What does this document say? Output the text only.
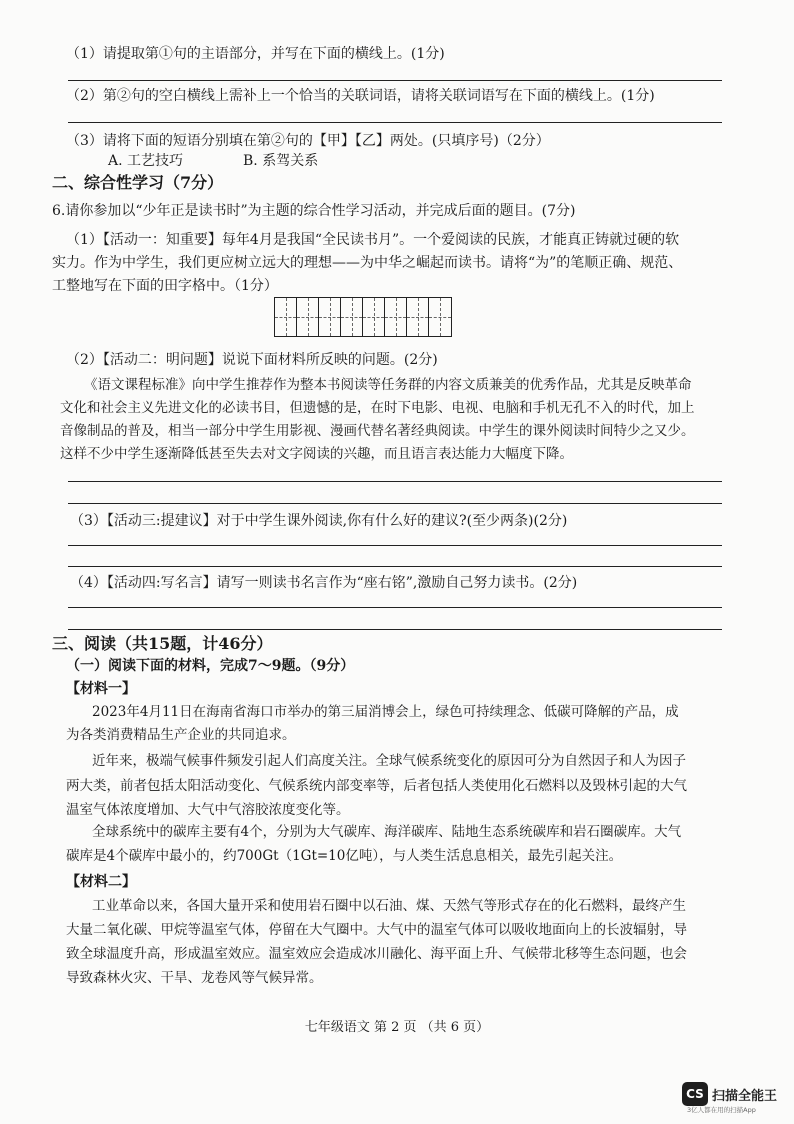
（1）请提取第①句的主语部分，并写在下面的横线上。(1分)
（2）第②句的空白横线上需补上一个恰当的关联词语，请将关联词语写在下面的横线上。(1分)
（3）请将下面的短语分别填在第②句的【甲】【乙】两处。(只填序号)（2分）
A. 工艺技巧	B. 系驾关系
二、综合性学习（7分）
6.请你参加以“少年正是读书时”为主题的综合性学习活动，并完成后面的题目。(7分)
（1）【活动一：知重要】每年4月是我国“全民读书月”。一个爱阅读的民族，才能真正铸就过硬的软
实力。作为中学生，我们更应树立远大的理想——为中华之崛起而读书。请将“为”的笔顺正确、规范、
工整地写在下面的田字格中。（1分）
（2）【活动二：明问题】说说下面材料所反映的问题。(2分)
《语文课程标准》向中学生推荐作为整本书阅读等任务群的内容文质兼美的优秀作品，尤其是反映革命
文化和社会主义先进文化的必读书目，但遗憾的是，在时下电影、电视、电脑和手机无孔不入的时代，加上
音像制品的普及，相当一部分中学生用影视、漫画代替名著经典阅读。中学生的课外阅读时间特少之又少。
这样不少中学生逐渐降低甚至失去对文字阅读的兴趣，而且语言表达能力大幅度下降。
（3）【活动三:提建议】对于中学生课外阅读,你有什么好的建议?(至少两条)(2分)
（4）【活动四:写名言】请写一则读书名言作为“座右铭”,激励自己努力读书。(2分)
三、阅读（共15题，计46分）
（一）阅读下面的材料，完成7～9题。（9分）
【材料一】
2023年4月11日在海南省海口市举办的第三届消博会上，绿色可持续理念、低碳可降解的产品，成
为各类消费精品生产企业的共同追求。
近年来，极端气候事件频发引起人们高度关注。全球气候系统变化的原因可分为自然因子和人为因子
两大类，前者包括太阳活动变化、气候系统内部变率等，后者包括人类使用化石燃料以及毁林引起的大气
温室气体浓度增加、大气中气溶胶浓度变化等。
全球系统中的碳库主要有4个，分别为大气碳库、海洋碳库、陆地生态系统碳库和岩石圈碳库。大气
碳库是4个碳库中最小的，约700Gt（1Gt=10亿吨），与人类生活息息相关，最先引起关注。
【材料二】
工业革命以来，各国大量开采和使用岩石圈中以石油、煤、天然气等形式存在的化石燃料，最终产生
大量二氧化碳、甲烷等温室气体，停留在大气圈中。大气中的温室气体可以吸收地面向上的长波辐射，导
致全球温度升高，形成温室效应。温室效应会造成冰川融化、海平面上升、气候带北移等生态问题，也会
导致森林火灾、干旱、龙卷风等气候异常。
七年级语文 第 2 页 （共 6 页）
CS 扫描全能王
3亿人都在用的扫描App
